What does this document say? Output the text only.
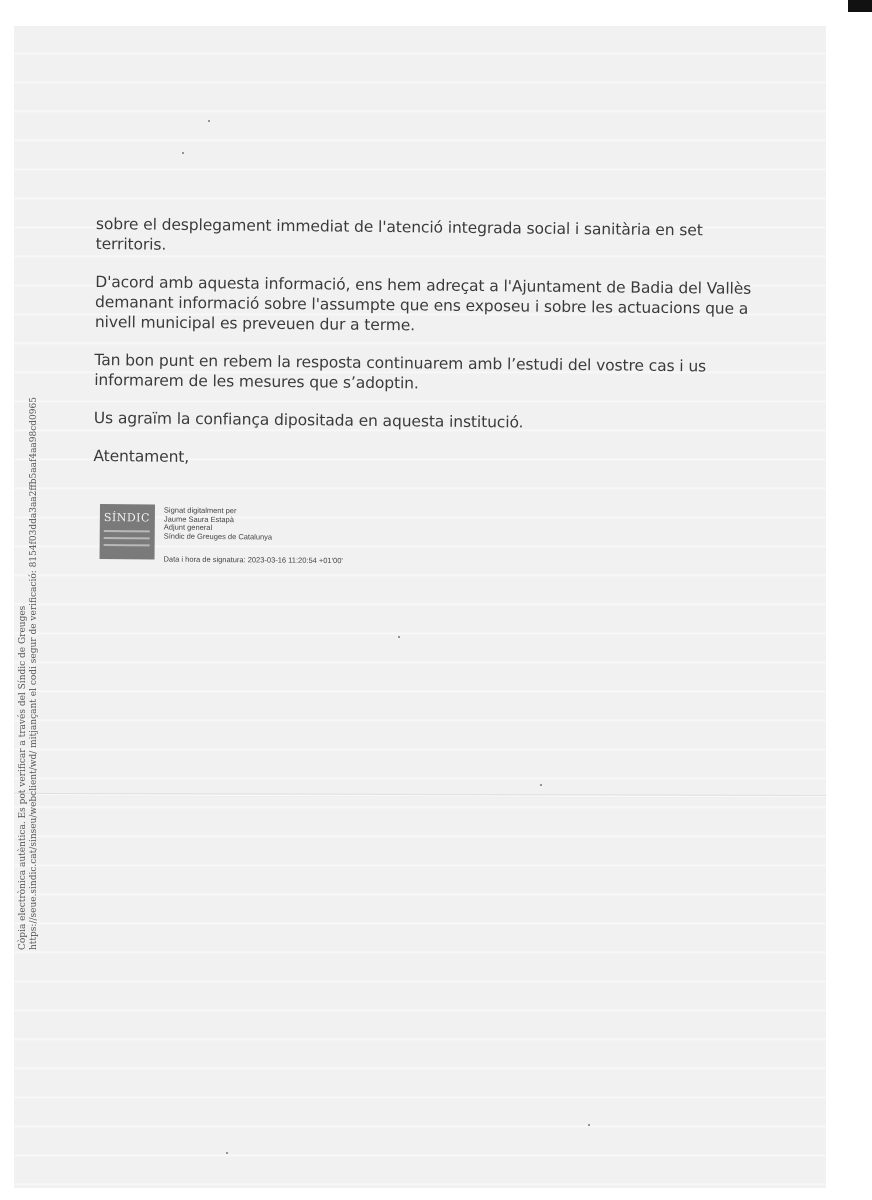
sobre el desplegament immediat de l'atenció integrada social i sanitària en set territoris.

D'acord amb aquesta informació, ens hem adreçat a l'Ajuntament de Badia del Vallès demanant informació sobre l'assumpte que ens exposeu i sobre les actuacions que a nivell municipal es preveuen dur a terme.

Tan bon punt en rebem la resposta continuarem amb l’estudi del vostre cas i us informarem de les mesures que s’adoptin.

Us agraïm la confiança dipositada en aquesta institució.

Atentament,

SÍNDIC
Signat digitalment per
Jaume Saura Estapà
Adjunt general
Síndic de Greuges de Catalunya
Data i hora de signatura: 2023-03-16 11:20:54 +01'00'
Còpia electrònica autèntica. Es pot verificar a través del Síndic de Greuges https://seue.sindic.cat/sinseu/webclient/wd/ mitjançant el codi segur de verificació: 8154f03dda3aa2ffb5aaf4aa98cd0965
